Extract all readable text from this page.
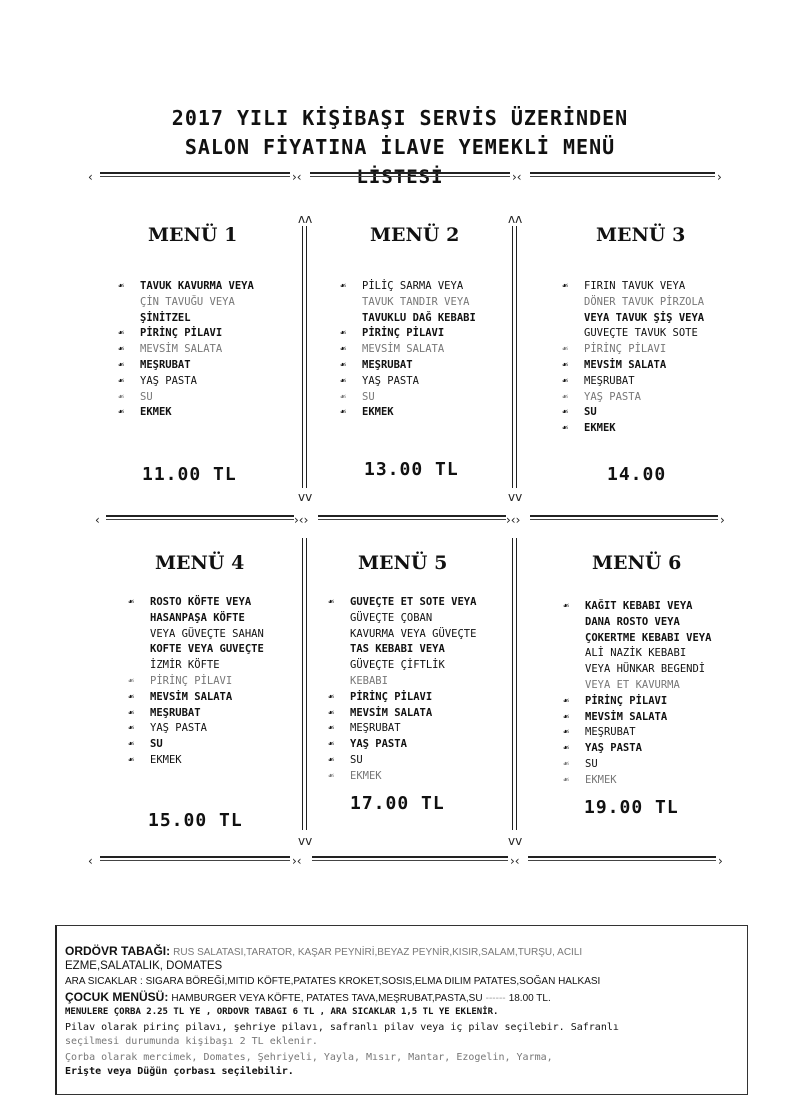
2017 YILI KİŞİBAŞI SERVİS ÜZERİNDEN
SALON FİYATINA İLAVE YEMEKLİ MENÜ
LİSTESİ
‹	›‹	›‹	›
ʌʌ
vv
ʌʌ
vv
‹	›‹›	›‹›	›
vv	vv
‹	›‹	›‹	›
MENÜ 1
☙ TAVUK KAVURMA VEYA
ÇİN TAVUĞU VEYA
ŞİNİTZEL
☙ PİRİNÇ PİLAVI
☙ MEVSİM SALATA
☙ MEŞRUBAT
☙ YAŞ PASTA
☙ SU
☙ EKMEK
11.00 TL
MENÜ 2
☙ PİLİÇ SARMA VEYA
TAVUK TANDIR VEYA
TAVUKLU DAĞ KEBABI
☙ PİRİNÇ PİLAVI
☙ MEVSİM SALATA
☙ MEŞRUBAT
☙ YAŞ PASTA
☙ SU
☙ EKMEK
13.00 TL
MENÜ 3
☙ FIRIN TAVUK VEYA
DÖNER TAVUK PİRZOLA
VEYA TAVUK ŞİŞ VEYA
GUVEÇTE TAVUK SOTE
☙ PİRİNÇ PİLAVI
☙ MEVSİM SALATA
☙ MEŞRUBAT
☙ YAŞ PASTA
☙ SU
☙ EKMEK
14.00
MENÜ 4
☙ ROSTO KÖFTE VEYA
HASANPAŞA KÖFTE
VEYA GÜVEÇTE SAHAN
KOFTE VEYA GUVEÇTE
İZMİR KÖFTE
☙ PİRİNÇ PİLAVI
☙ MEVSİM SALATA
☙ MEŞRUBAT
☙ YAŞ PASTA
☙ SU
☙ EKMEK
15.00 TL
MENÜ 5
☙ GUVEÇTE ET SOTE VEYA
GÜVEÇTE ÇOBAN
KAVURMA VEYA GÜVEÇTE
TAS KEBABI VEYA
GÜVEÇTE ÇİFTLİK
KEBABI
☙ PİRİNÇ PİLAVI
☙ MEVSİM SALATA
☙ MEŞRUBAT
☙ YAŞ PASTA
☙ SU
☙ EKMEK
17.00 TL
MENÜ 6
☙ KAĞIT KEBABI VEYA
DANA ROSTO VEYA
ÇOKERTME KEBABI VEYA
ALİ NAZİK KEBABI
VEYA HÜNKAR BEGENDİ
VEYA ET KAVURMA
☙ PİRİNÇ PİLAVI
☙ MEVSİM SALATA
☙ MEŞRUBAT
☙ YAŞ PASTA
☙ SU
☙ EKMEK
19.00 TL
ORDÖVR TABAĞI: RUS SALATASI,TARATOR, KAŞAR PEYNİRİ,BEYAZ PEYNİR,KISIR,SALAM,TURŞU, ACILI
EZME,SALATALIK, DOMATES
ARA SICAKLAR : SIGARA BÖREĞİ,MITID KÖFTE,PATATES KROKET,SOSIS,ELMA DILIM PATATES,SOĞAN HALKASI
ÇOCUK MENÜSÜ: HAMBURGER VEYA KÖFTE, PATATES TAVA,MEŞRUBAT,PASTA,SU ------ 18.00 TL.
MENULERE ÇORBA 2.25 TL YE , ORDOVR TABAGI 6 TL , ARA SICAKLAR 1,5 TL YE EKLENİR.
Pilav olarak pirinç pilavı, şehriye pilavı, safranlı pilav veya iç pilav seçilebir. Safranlı
seçilmesi durumunda kişibaşı 2 TL eklenir.
Çorba olarak mercimek, Domates, Şehriyeli, Yayla, Mısır, Mantar, Ezogelin, Yarma,
Erişte veya Düğün çorbası seçilebilir.
